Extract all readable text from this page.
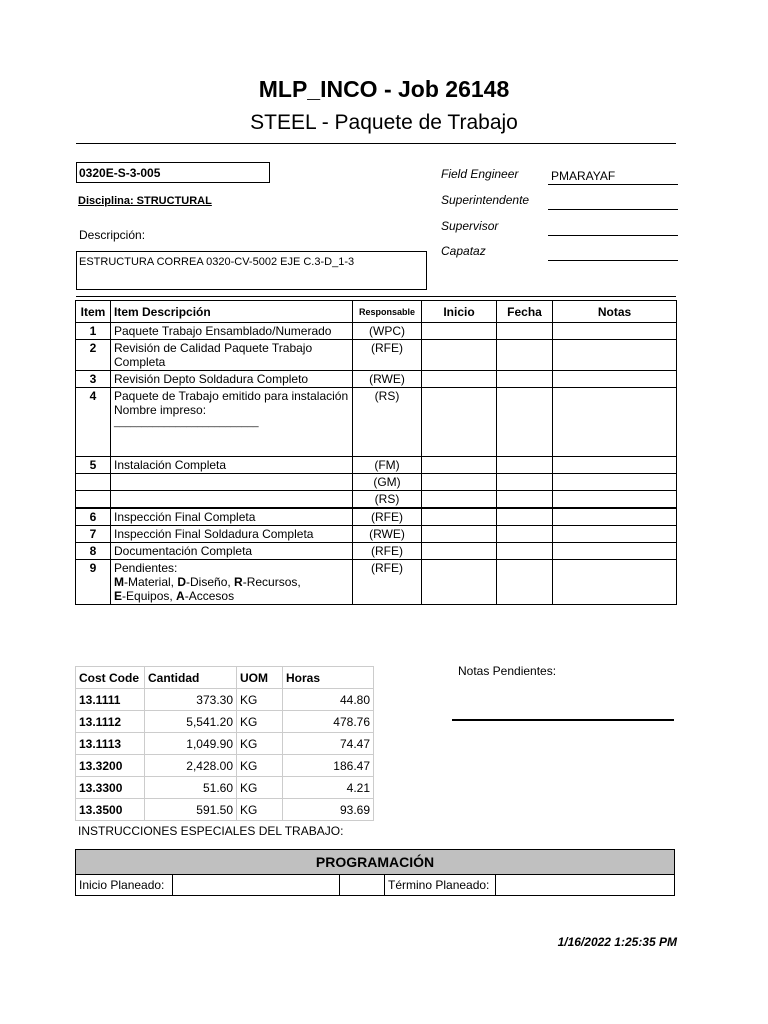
MLP_INCO - Job 26148
STEEL - Paquete de Trabajo
0320E-S-3-005
Disciplina: STRUCTURAL
Descripción:
ESTRUCTURA CORREA 0320-CV-5002 EJE C.3-D_1-3
Field Engineer	PMARAYAF
Superintendente
Supervisor
Capataz
Item	Item Descripción	Responsable	Inicio	Fecha	Notas
1	Paquete Trabajo Ensamblado/Numerado	(WPC)			
2	Revisión de Calidad Paquete Trabajo Completa	(RFE)			
3	Revisión Depto Soldadura Completo	(RWE)			
4	Paquete de Trabajo emitido para instalación
Nombre impreso:
__________________________	(RS)			
5	Instalación Completa	(FM)			
		(GM)			
		(RS)			
6	Inspección Final Completa	(RFE)			
7	Inspección Final Soldadura Completa	(RWE)			
8	Documentación Completa	(RFE)			
9	Pendientes:
M-Material, D-Diseño, R-Recursos,
E-Equipos, A-Accesos	(RFE)			
Cost Code	Cantidad	UOM	Horas
13.1111	373.30	KG	44.80
13.1112	5,541.20	KG	478.76
13.1113	1,049.90	KG	74.47
13.3200	2,428.00	KG	186.47
13.3300	51.60	KG	4.21
13.3500	591.50	KG	93.69
Notas Pendientes:
INSTRUCCIONES ESPECIALES DEL TRABAJO:
PROGRAMACIÓN
Inicio Planeado:			Término Planeado:	
1/16/2022 1:25:35 PM
